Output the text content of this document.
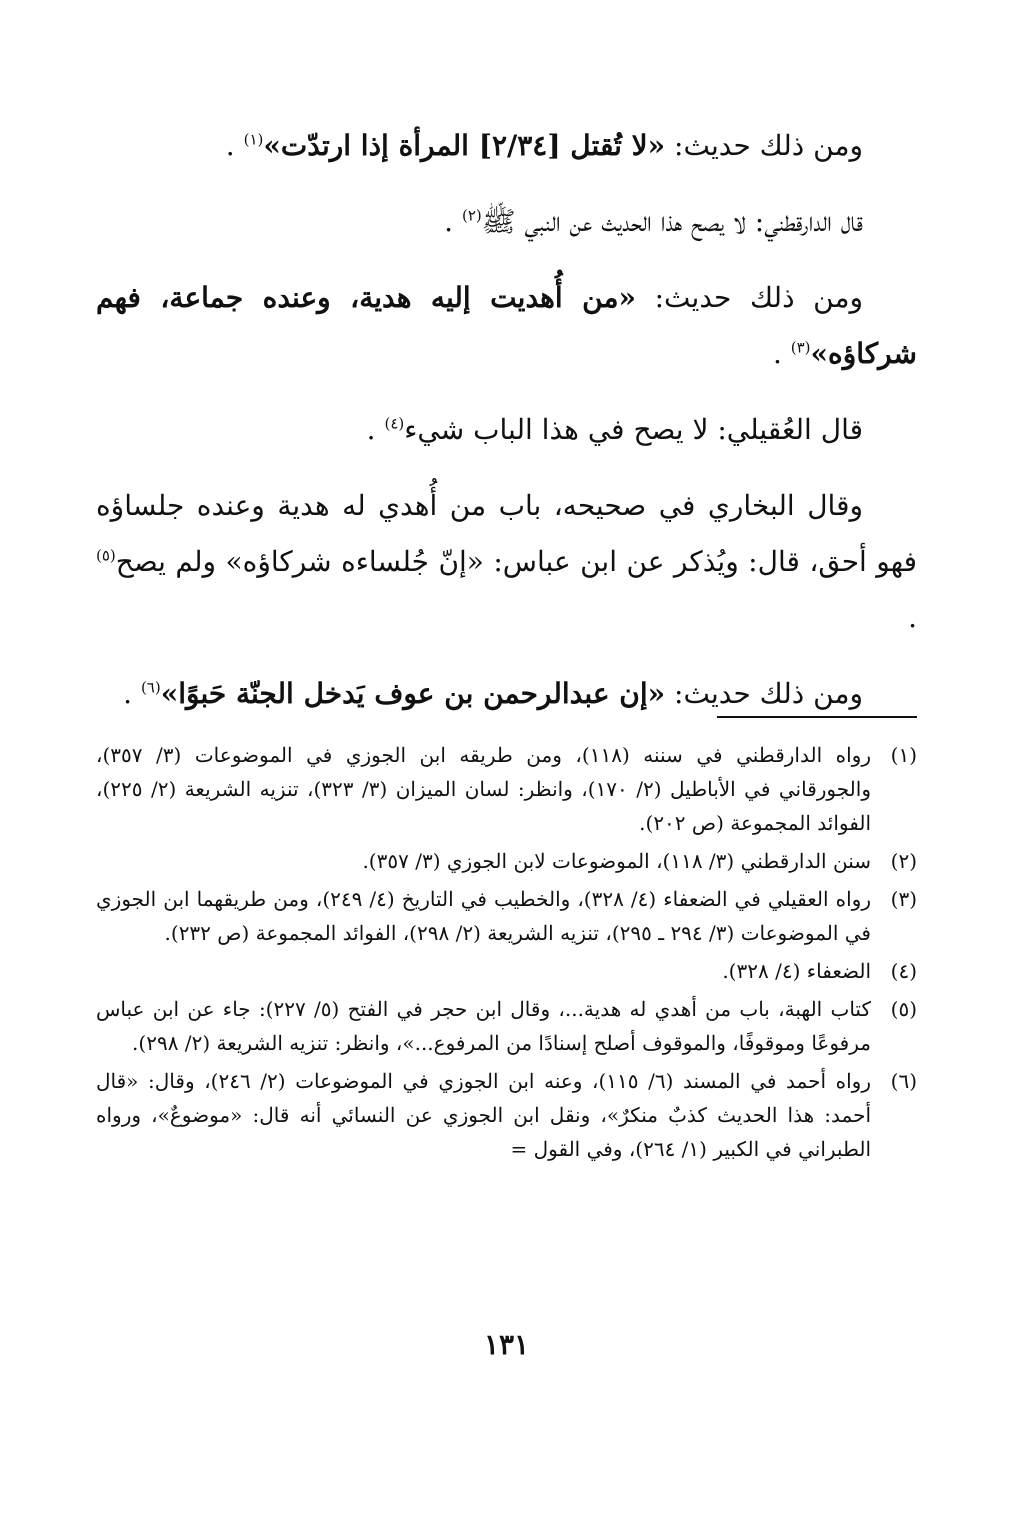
ومن ذلك حديث: «لا تُقتل [٢/٣٤] المرأة إذا ارتدّت»$^{(١)}$ .

قال الدارقطني: لا يصح هذا الحديث عن النبي ﷺ$^{(٢)}$ .

ومن ذلك حديث: «من أُهديت إليه هدية، وعنده جماعة، فهم شركاؤه»$^{(٣)}$ .

قال العُقيلي: لا يصح في هذا الباب شيء$^{(٤)}$ .

وقال البخاري في صحيحه، باب من أُهدي له هدية وعنده جلساؤه فهو أحق، قال: ويُذكر عن ابن عباس: «إنّ جُلساءه شركاؤه» ولم يصح$^{(٥)}$ .

ومن ذلك حديث: «إن عبدالرحمن بن عوف يَدخل الجنّة حَبوًا»$^{(٦)}$ .

(١)
رواه الدارقطني في سننه (١١٨)، ومن طريقه ابن الجوزي في الموضوعات (٣/ ٣٥٧)، والجورقاني في الأباطيل (٢/ ١٧٠)، وانظر: لسان الميزان (٣/ ٣٢٣)، تنزيه الشريعة (٢/ ٢٢٥)، الفوائد المجموعة (ص ٢٠٢).
(٢)
سنن الدارقطني (٣/ ١١٨)، الموضوعات لابن الجوزي (٣/ ٣٥٧).
(٣)
رواه العقيلي في الضعفاء (٤/ ٣٢٨)، والخطيب في التاريخ (٤/ ٢٤٩)، ومن طريقهما ابن الجوزي في الموضوعات (٣/ ٢٩٤ ـ ٢٩٥)، تنزيه الشريعة (٢/ ٢٩٨)، الفوائد المجموعة (ص ٢٣٢).
(٤)
الضعفاء (٤/ ٣٢٨).
(٥)
كتاب الهبة، باب من أهدي له هدية...، وقال ابن حجر في الفتح (٥/ ٢٢٧): جاء عن ابن عباس مرفوعًا وموقوفًا، والموقوف أصلح إسنادًا من المرفوع...»، وانظر: تنزيه الشريعة (٢/ ٢٩٨).
(٦)
رواه أحمد في المسند (٦/ ١١٥)، وعنه ابن الجوزي في الموضوعات (٢/ ٢٤٦)، وقال: «قال أحمد: هذا الحديث كذبٌ منكرٌ»، ونقل ابن الجوزي عن النسائي أنه قال: «موضوعٌ»، ورواه الطبراني في الكبير (١/ ٢٦٤)، وفي القول =
١٣١
